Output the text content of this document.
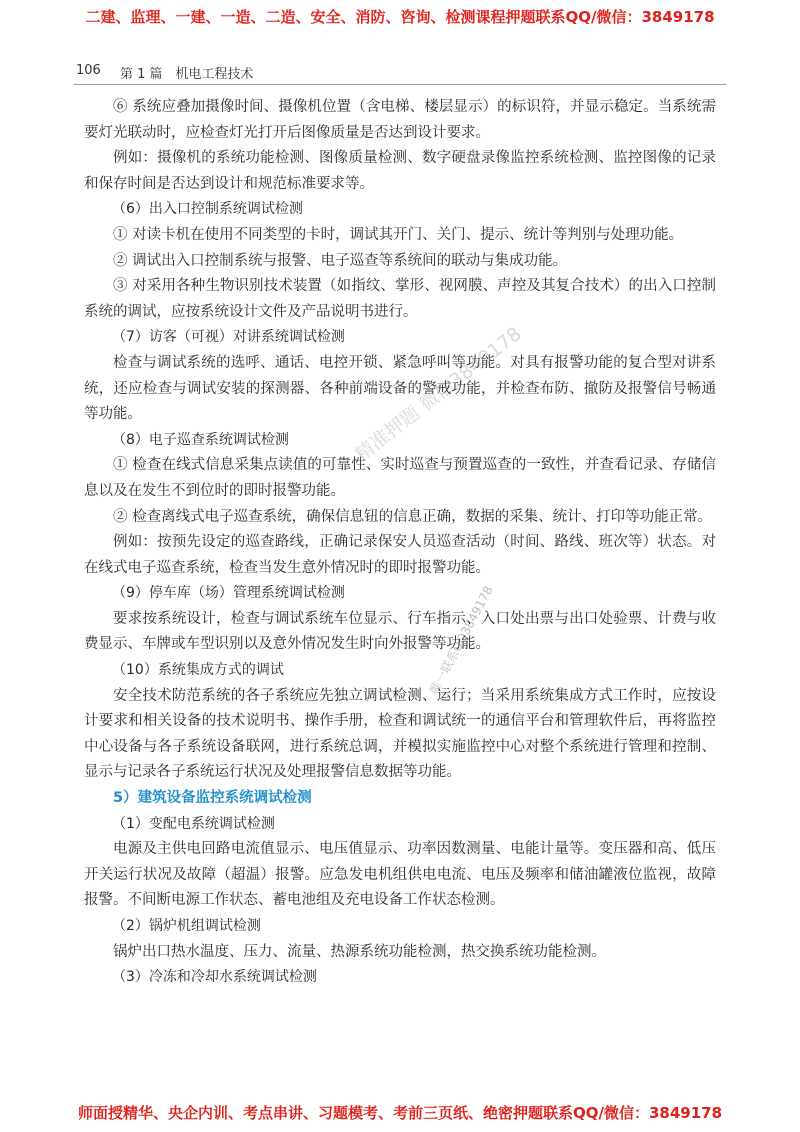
二建、监理、一建、一造、二造、安全、消防、咨询、检测课程押题联系QQ/微信：3849178
106 第 1 篇　机电工程技术

⑥ 系统应叠加摄像时间、摄像机位置（含电梯、楼层显示）的标识符，并显示稳定。当系统需要灯光联动时，应检查灯光打开后图像质量是否达到设计要求。

例如：摄像机的系统功能检测、图像质量检测、数字硬盘录像监控系统检测、监控图像的记录和保存时间是否达到设计和规范标准要求等。

（6）出入口控制系统调试检测

① 对读卡机在使用不同类型的卡时，调试其开门、关门、提示、统计等判别与处理功能。

② 调试出入口控制系统与报警、电子巡查等系统间的联动与集成功能。

③ 对采用各种生物识别技术装置（如指纹、掌形、视网膜、声控及其复合技术）的出入口控制系统的调试，应按系统设计文件及产品说明书进行。

（7）访客（可视）对讲系统调试检测

检查与调试系统的选呼、通话、电控开锁、紧急呼叫等功能。对具有报警功能的复合型对讲系统，还应检查与调试安装的探测器、各种前端设备的警戒功能，并检查布防、撤防及报警信号畅通等功能。

（8）电子巡查系统调试检测

① 检查在线式信息采集点读值的可靠性、实时巡查与预置巡查的一致性，并查看记录、存储信息以及在发生不到位时的即时报警功能。

② 检查离线式电子巡查系统，确保信息钮的信息正确，数据的采集、统计、打印等功能正常。

例如：按预先设定的巡查路线，正确记录保安人员巡查活动（时间、路线、班次等）状态。对在线式电子巡查系统，检查当发生意外情况时的即时报警功能。

（9）停车库（场）管理系统调试检测

要求按系统设计，检查与调试系统车位显示、行车指示、入口处出票与出口处验票、计费与收费显示、车牌或车型识别以及意外情况发生时向外报警等功能。

（10）系统集成方式的调试

安全技术防范系统的各子系统应先独立调试检测、运行；当采用系统集成方式工作时，应按设计要求和相关设备的技术说明书、操作手册，检查和调试统一的通信平台和管理软件后，再将监控中心设备与各子系统设备联网，进行系统总调，并模拟实施监控中心对整个系统进行管理和控制、显示与记录各子系统运行状况及处理报警信息数据等功能。

5）建筑设备监控系统调试检测

（1）变配电系统调试检测

电源及主供电回路电流值显示、电压值显示、功率因数测量、电能计量等。变压器和高、低压开关运行状况及故障（超温）报警。应急发电机组供电电流、电压及频率和储油罐液位监视，故障报警。不间断电源工作状态、蓄电池组及充电设备工作状态检测。

（2）锅炉机组调试检测

锅炉出口热水温度、压力、流量、热源系统功能检测，热交换系统功能检测。

（3）冷冻和冷却水系统调试检测

精准押题 微信3849178
唯一联系QQ3849178
师面授精华、央企内训、考点串讲、习题模考、考前三页纸、绝密押题联系QQ/微信：3849178
